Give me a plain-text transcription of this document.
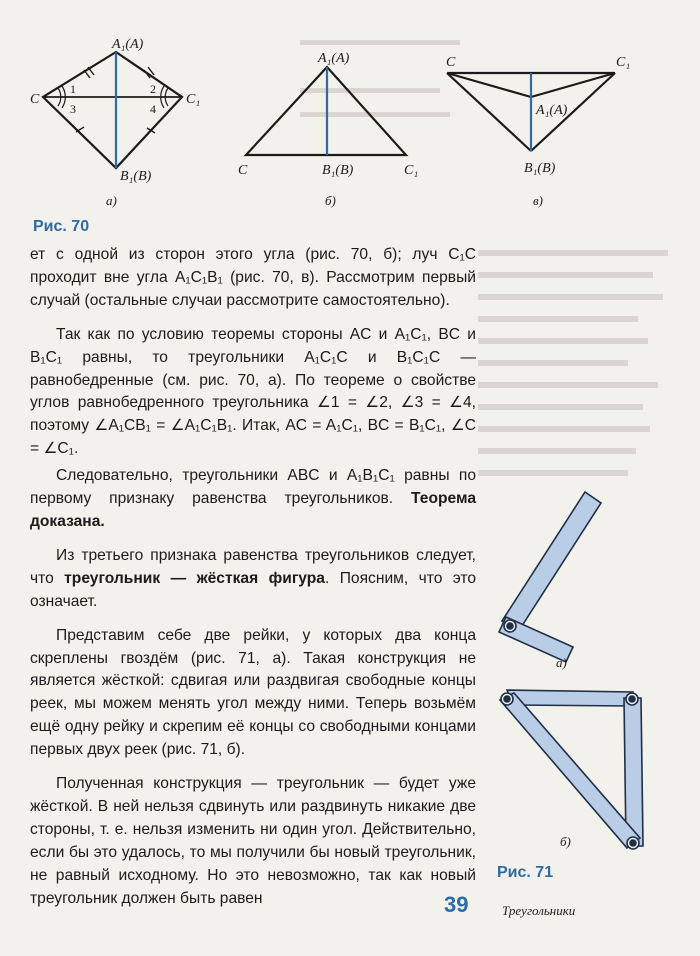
A₁(A)
C	C₁
B₁(B)
1	2
3	4
а)
A₁(A)
C	B₁(B)	C₁
б)
C	C₁
A₁(A)
B₁(B)
в)
Рис. 70

ет с одной из сторон этого угла (рис. 70, б); луч C₁C проходит вне угла A₁C₁B₁ (рис. 70, в). Рассмотрим первый случай (остальные случаи рассмотрите самостоятельно).

Так как по условию теоремы стороны AC и A₁C₁, BC и B₁C₁ равны, то треугольники A₁C₁C и B₁C₁C — равнобедренные (см. рис. 70, а). По теореме о свойстве углов равнобедренного треугольника ∠1 = ∠2, ∠3 = ∠4, поэтому ∠A₁CB₁ = ∠A₁C₁B₁. Итак, AC = A₁C₁, BC = B₁C₁, ∠C = ∠C₁.

Следовательно, треугольники ABC и A₁B₁C₁ равны по первому признаку равенства треугольников. Теорема доказана.

Из третьего признака равенства треугольников следует, что треугольник — жёсткая фигура. Поясним, что это означает.

Представим себе две рейки, у которых два конца скреплены гвоздём (рис. 71, а). Такая конструкция не является жёсткой: сдвигая или раздвигая свободные концы реек, мы можем менять угол между ними. Теперь возьмём ещё одну рейку и скрепим её концы со свободными концами первых двух реек (рис. 71, б).

Полученная конструкция — треугольник — будет уже жёсткой. В ней нельзя сдвинуть или раздвинуть никакие две стороны, т. е. нельзя изменить ни один угол. Действительно, если бы это удалось, то мы получили бы новый треугольник, не равный исходному. Но это невозможно, так как новый треугольник должен быть равен

а)
б)
Рис. 71
39	Треугольники
